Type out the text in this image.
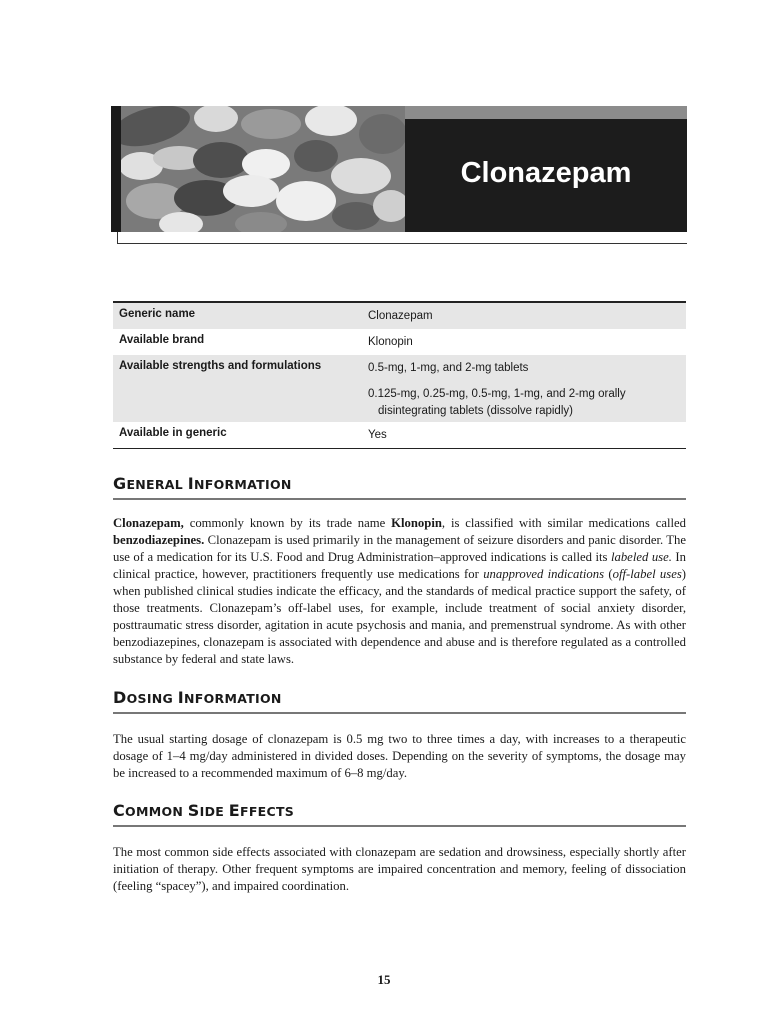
Clonazepam
Generic name	Clonazepam
Available brand	Klonopin
Available strengths and formulations	0.5-mg, 1-mg, and 2-mg tablets
0.125-mg, 0.25-mg, 0.5-mg, 1-mg, and 2-mg orally
disintegrating tablets (dissolve rapidly)
Available in generic	Yes
GENERAL INFORMATION

Clonazepam, commonly known by its trade name Klonopin, is classified with similar medications called benzodiazepines. Clonazepam is used primarily in the management of seizure disorders and panic disorder. The use of a medication for its U.S. Food and Drug Administration–approved indications is called its labeled use. In clinical practice, however, practitioners frequently use medications for unapproved indications (off-label uses) when published clinical studies indicate the efficacy, and the standards of medical practice support the safety, of those treatments. Clonazepam’s off-label uses, for example, include treatment of social anxiety disorder, posttraumatic stress disorder, agitation in acute psychosis and mania, and premenstrual syndrome. As with other benzodiazepines, clonazepam is associated with dependence and abuse and is therefore regulated as a controlled substance by federal and state laws.

DOSING INFORMATION

The usual starting dosage of clonazepam is 0.5 mg two to three times a day, with increases to a therapeutic dosage of 1–4 mg/day administered in divided doses. Depending on the severity of symptoms, the dosage may be increased to a recommended maximum of 6–8 mg/day.

COMMON SIDE EFFECTS

The most common side effects associated with clonazepam are sedation and drowsiness, especially shortly after initiation of therapy. Other frequent symptoms are impaired concentration and memory, feeling of dissociation (feeling “spacey”), and impaired coordination.

15
